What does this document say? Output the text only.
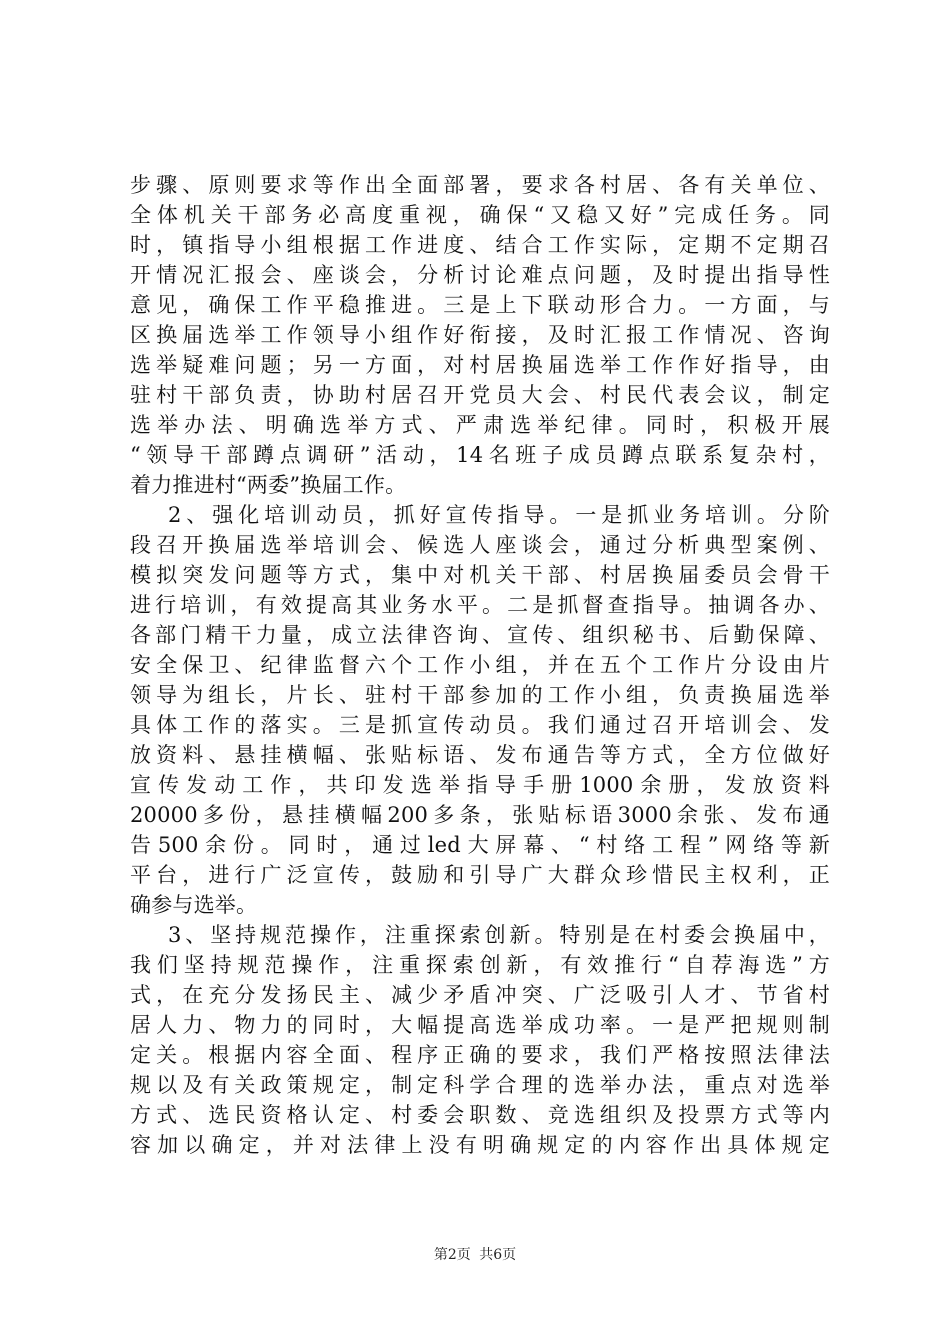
步骤、原则要求等作出全面部署，要求各村居、各有关单位、
全体机关干部务必高度重视，确保“又稳又好”完成任务。同
时，镇指导小组根据工作进度、结合工作实际，定期不定期召
开情况汇报会、座谈会，分析讨论难点问题，及时提出指导性
意见，确保工作平稳推进。三是上下联动形合力。一方面，与
区换届选举工作领导小组作好衔接，及时汇报工作情况、咨询
选举疑难问题；另一方面，对村居换届选举工作作好指导，由
驻村干部负责，协助村居召开党员大会、村民代表会议，制定
选举办法、明确选举方式、严肃选举纪律。同时，积极开展
“领导干部蹲点调研”活动，14名班子成员蹲点联系复杂村，
着力推进村“两委”换届工作。
2、强化培训动员，抓好宣传指导。一是抓业务培训。分阶
段召开换届选举培训会、候选人座谈会，通过分析典型案例、
模拟突发问题等方式，集中对机关干部、村居换届委员会骨干
进行培训，有效提高其业务水平。二是抓督查指导。抽调各办、
各部门精干力量，成立法律咨询、宣传、组织秘书、后勤保障、
安全保卫、纪律监督六个工作小组，并在五个工作片分设由片
领导为组长，片长、驻村干部参加的工作小组，负责换届选举
具体工作的落实。三是抓宣传动员。我们通过召开培训会、发
放资料、悬挂横幅、张贴标语、发布通告等方式，全方位做好
宣传发动工作，共印发选举指导手册1000余册，发放资料
20000多份，悬挂横幅200多条，张贴标语3000余张、发布通
告500余份。同时，通过led大屏幕、“村络工程”网络等新
平台，进行广泛宣传，鼓励和引导广大群众珍惜民主权利，正
确参与选举。
3、坚持规范操作，注重探索创新。特别是在村委会换届中，
我们坚持规范操作，注重探索创新，有效推行“自荐海选”方
式，在充分发扬民主、减少矛盾冲突、广泛吸引人才、节省村
居人力、物力的同时，大幅提高选举成功率。一是严把规则制
定关。根据内容全面、程序正确的要求，我们严格按照法律法
规以及有关政策规定，制定科学合理的选举办法，重点对选举
方式、选民资格认定、村委会职数、竞选组织及投票方式等内
容加以确定，并对法律上没有明确规定的内容作出具体规定
第2页 共6页
